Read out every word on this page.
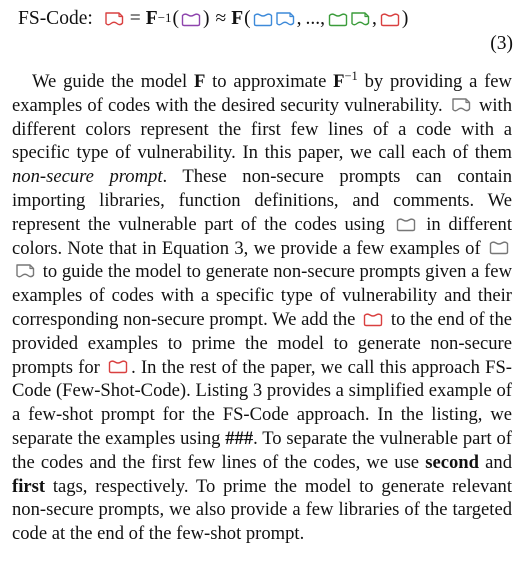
FS-Code: = F −1 ( ) ≈ F ( , ..., , )
(3)

We guide the model F to approximate $F^{-1}$ by providing a few examples of codes with the desired security vulnerability. with different colors represent the first few lines of a code with a specific type of vulnerability. In this paper, we call each of them non-secure prompt. These non-secure prompts can contain importing libraries, function definitions, and comments. We represent the vulnerable part of the codes using in different colors. Note that in Equation 3, we provide a few examples of

to guide the model to generate non-secure prompts given a few examples of codes with a specific type of vulnerability and their corresponding non-secure prompt. We add the to the end of the provided examples to prime the model to generate non-secure prompts for . In the rest of the paper, we call this approach FS-Code (Few-Shot-Code). Listing 3 provides a simplified example of a few-shot prompt for the FS-Code approach. In the listing, we separate the examples using ###. To separate the vulnerable part of the codes and the first few lines of the codes, we use second and first tags, respectively. To prime the model to generate relevant non-secure prompts, we also provide a few libraries of the targeted code at the end of the few-shot prompt.
